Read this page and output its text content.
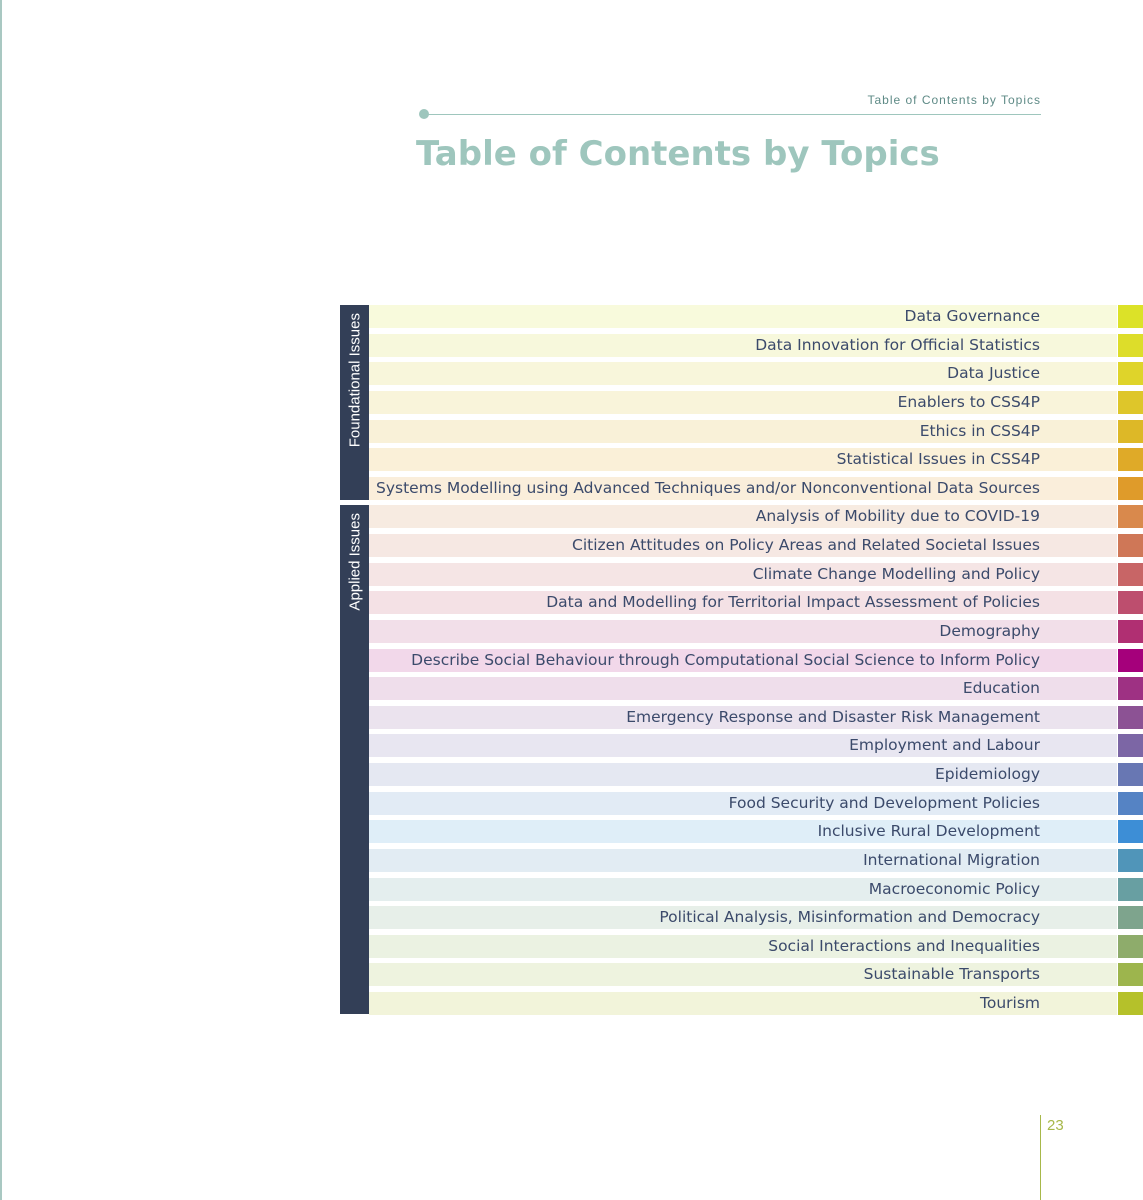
Table of Contents by Topics
Table of Contents by Topics
Foundational Issues
Applied Issues
Data Governance
Data Innovation for Official Statistics
Data Justice
Enablers to CSS4P
Ethics in CSS4P
Statistical Issues in CSS4P
Systems Modelling using Advanced Techniques and/or Nonconventional Data Sources
Analysis of Mobility due to COVID-19
Citizen Attitudes on Policy Areas and Related Societal Issues
Climate Change Modelling and Policy
Data and Modelling for Territorial Impact Assessment of Policies
Demography
Describe Social Behaviour through Computational Social Science to Inform Policy
Education
Emergency Response and Disaster Risk Management
Employment and Labour
Epidemiology
Food Security and Development Policies
Inclusive Rural Development
International Migration
Macroeconomic Policy
Political Analysis, Misinformation and Democracy
Social Interactions and Inequalities
Sustainable Transports
Tourism
23
